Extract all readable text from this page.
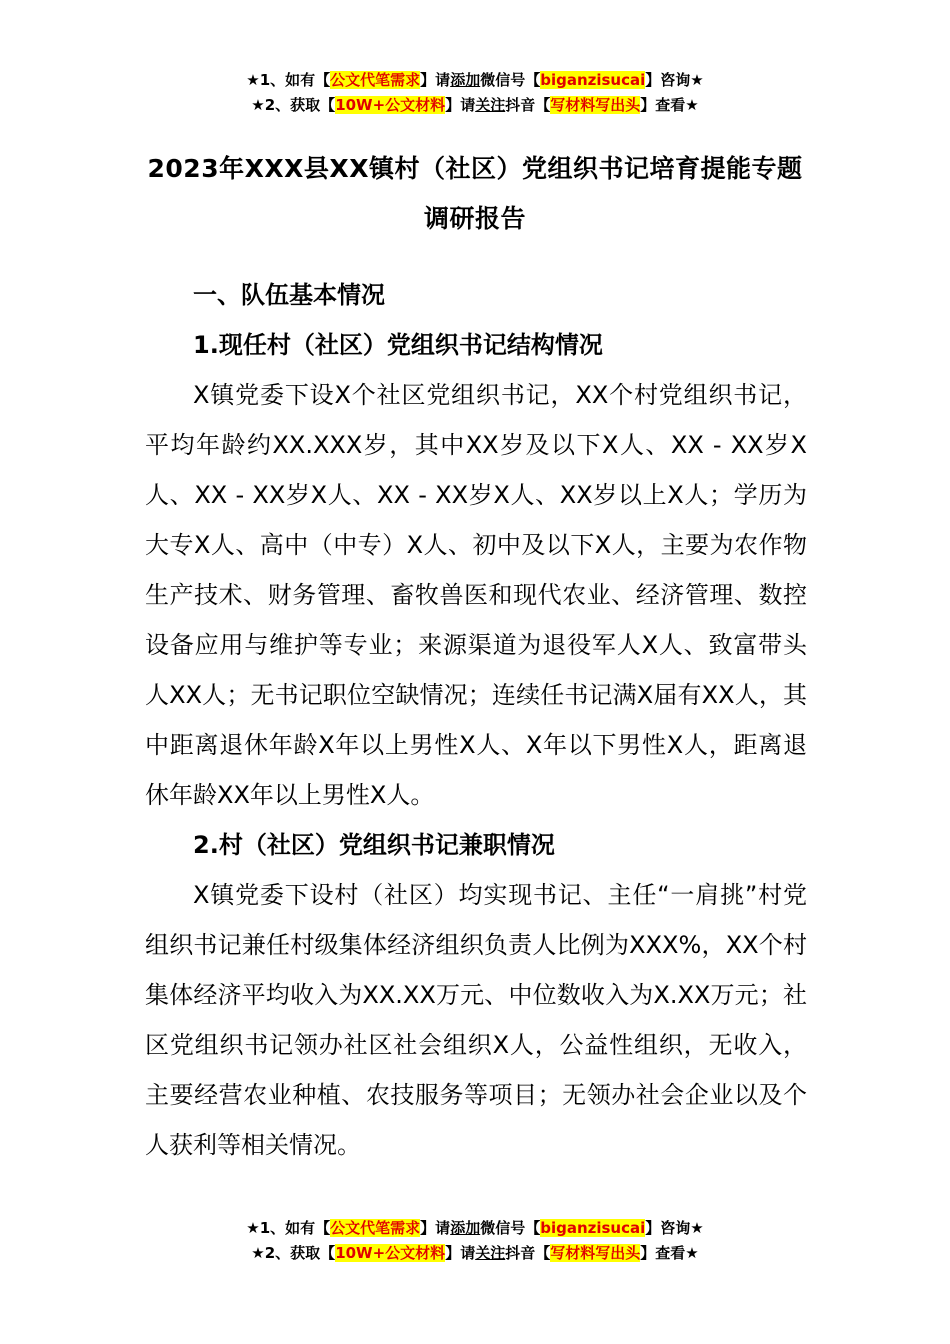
★1、如有【公文代笔需求】请添加微信号【biganzisucai】咨询★
★2、获取【10W+公文材料】请关注抖音【写材料写出头】查看★
2023年XXX县XX镇村（社区）党组织书记培育提能专题调研报告
一、队伍基本情况
1.现任村（社区）党组织书记结构情况

X镇党委下设X个社区党组织书记，XX个村党组织书记，平均年龄约XX.XXX岁，其中XX岁及以下X人、XX - XX岁X人、XX - XX岁X人、XX - XX岁X人、XX岁以上X人；学历为大专X人、高中（中专）X人、初中及以下X人，主要为农作物生产技术、财务管理、畜牧兽医和现代农业、经济管理、数控设备应用与维护等专业；来源渠道为退役军人X人、致富带头人XX人；无书记职位空缺情况；连续任书记满X届有XX人，其中距离退休年龄X年以上男性X人、X年以下男性X人，距离退休年龄XX年以上男性X人。

2.村（社区）党组织书记兼职情况

X镇党委下设村（社区）均实现书记、主任“一肩挑”村党组织书记兼任村级集体经济组织负责人比例为XXX%，XX个村集体经济平均收入为XX.XX万元、中位数收入为X.XX万元；社区党组织书记领办社区社会组织X人，公益性组织，无收入，主要经营农业种植、农技服务等项目；无领办社会企业以及个人获利等相关情况。

★1、如有【公文代笔需求】请添加微信号【biganzisucai】咨询★
★2、获取【10W+公文材料】请关注抖音【写材料写出头】查看★
